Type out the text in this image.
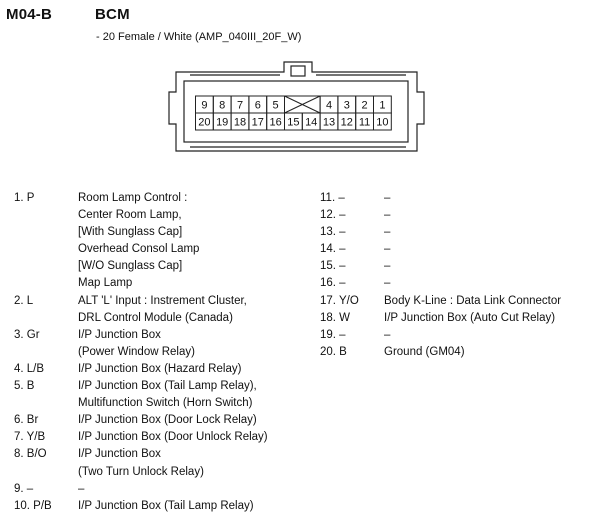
M04-B	BCM
- 20 Female / White (AMP_040III_20F_W)
9 8 7 6 5	4 3 2 1
20 19 18 17 16 15 14 13 12 11 10
1. P	Room Lamp Control :
Center Room Lamp,
[With Sunglass Cap]
Overhead Consol Lamp
[W/O Sunglass Cap]
Map Lamp
2. L	ALT 'L' Input : Instrement Cluster,
DRL Control Module (Canada)
3. Gr	I/P Junction Box
(Power Window Relay)
4. L/B	I/P Junction Box (Hazard Relay)
5. B	I/P Junction Box (Tail Lamp Relay),
Multifunction Switch (Horn Switch)
6. Br	I/P Junction Box (Door Lock Relay)
7. Y/B	I/P Junction Box (Door Unlock Relay)
8. B/O	I/P Junction Box
(Two Turn Unlock Relay)
9. –	–
10. P/B	I/P Junction Box (Tail Lamp Relay)
11. –	–
12. –	–
13. –	–
14. –	–
15. –	–
16. –	–
17. Y/O	Body K-Line : Data Link Connector
18. W	I/P Junction Box (Auto Cut Relay)
19. –	–
20. B	Ground (GM04)
